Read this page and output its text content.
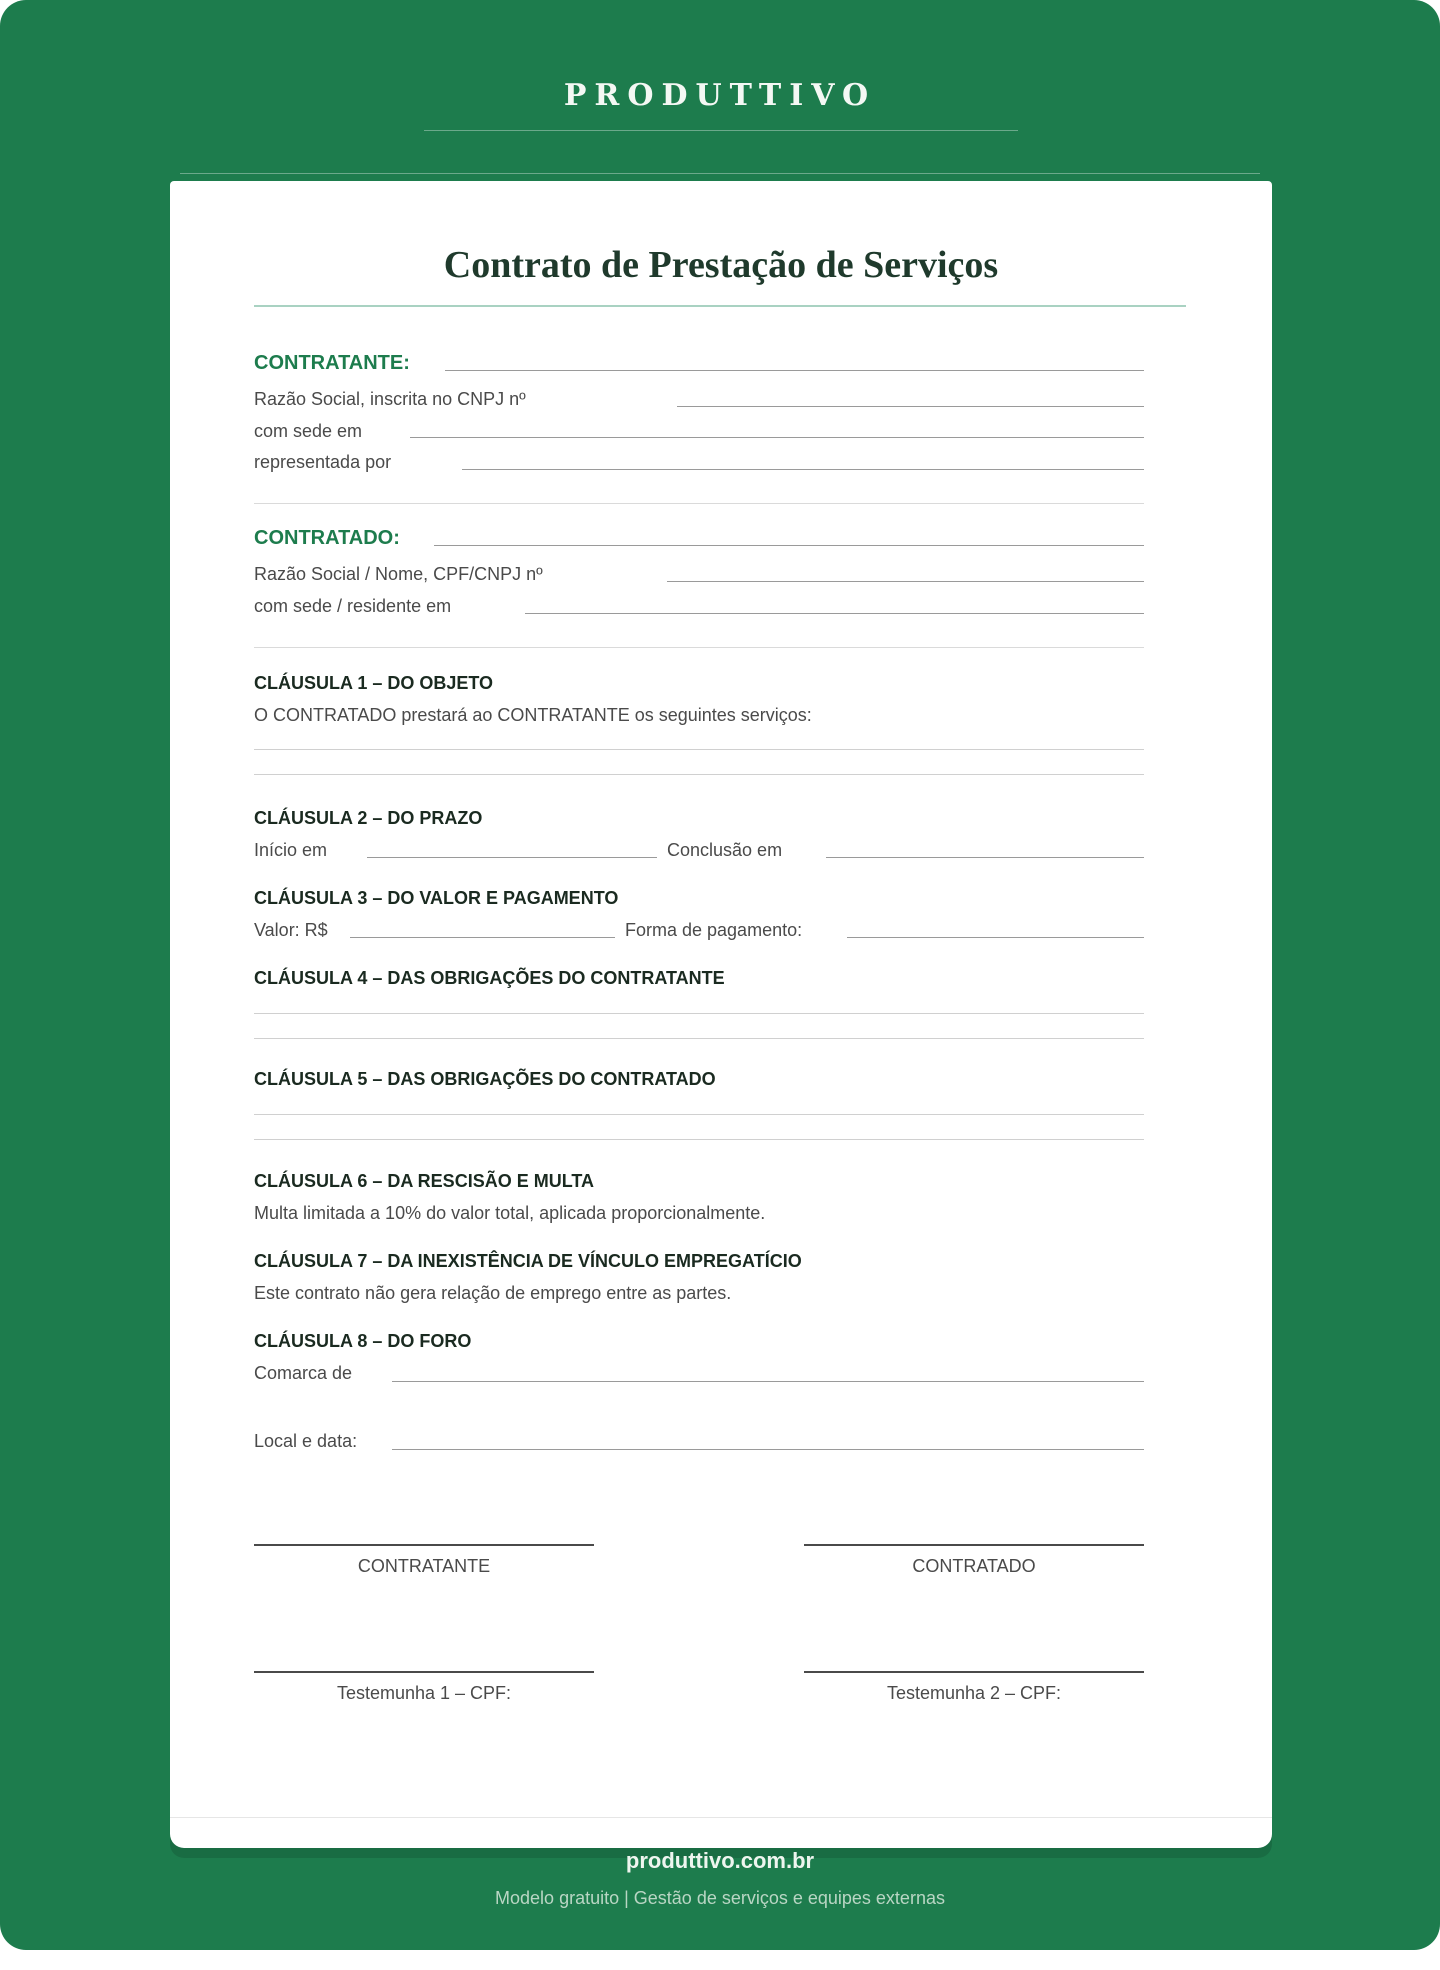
PRODUTTIVO
Contrato de Prestação de Serviços
CONTRATANTE:
Razão Social, inscrita no CNPJ nº
com sede em
representada por
CONTRATADO:
Razão Social / Nome, CPF/CNPJ nº
com sede / residente em
CLÁUSULA 1 – DO OBJETO
O CONTRATADO prestará ao CONTRATANTE os seguintes serviços:
CLÁUSULA 2 – DO PRAZO
Início em	Conclusão em
CLÁUSULA 3 – DO VALOR E PAGAMENTO
Valor: R$	Forma de pagamento:
CLÁUSULA 4 – DAS OBRIGAÇÕES DO CONTRATANTE
CLÁUSULA 5 – DAS OBRIGAÇÕES DO CONTRATADO
CLÁUSULA 6 – DA RESCISÃO E MULTA
Multa limitada a 10% do valor total, aplicada proporcionalmente.
CLÁUSULA 7 – DA INEXISTÊNCIA DE VÍNCULO EMPREGATÍCIO
Este contrato não gera relação de emprego entre as partes.
CLÁUSULA 8 – DO FORO
Comarca de
Local e data:
CONTRATANTE	CONTRATADO
Testemunha 1 – CPF:	Testemunha 2 – CPF:
produttivo.com.br
Modelo gratuito | Gestão de serviços e equipes externas
